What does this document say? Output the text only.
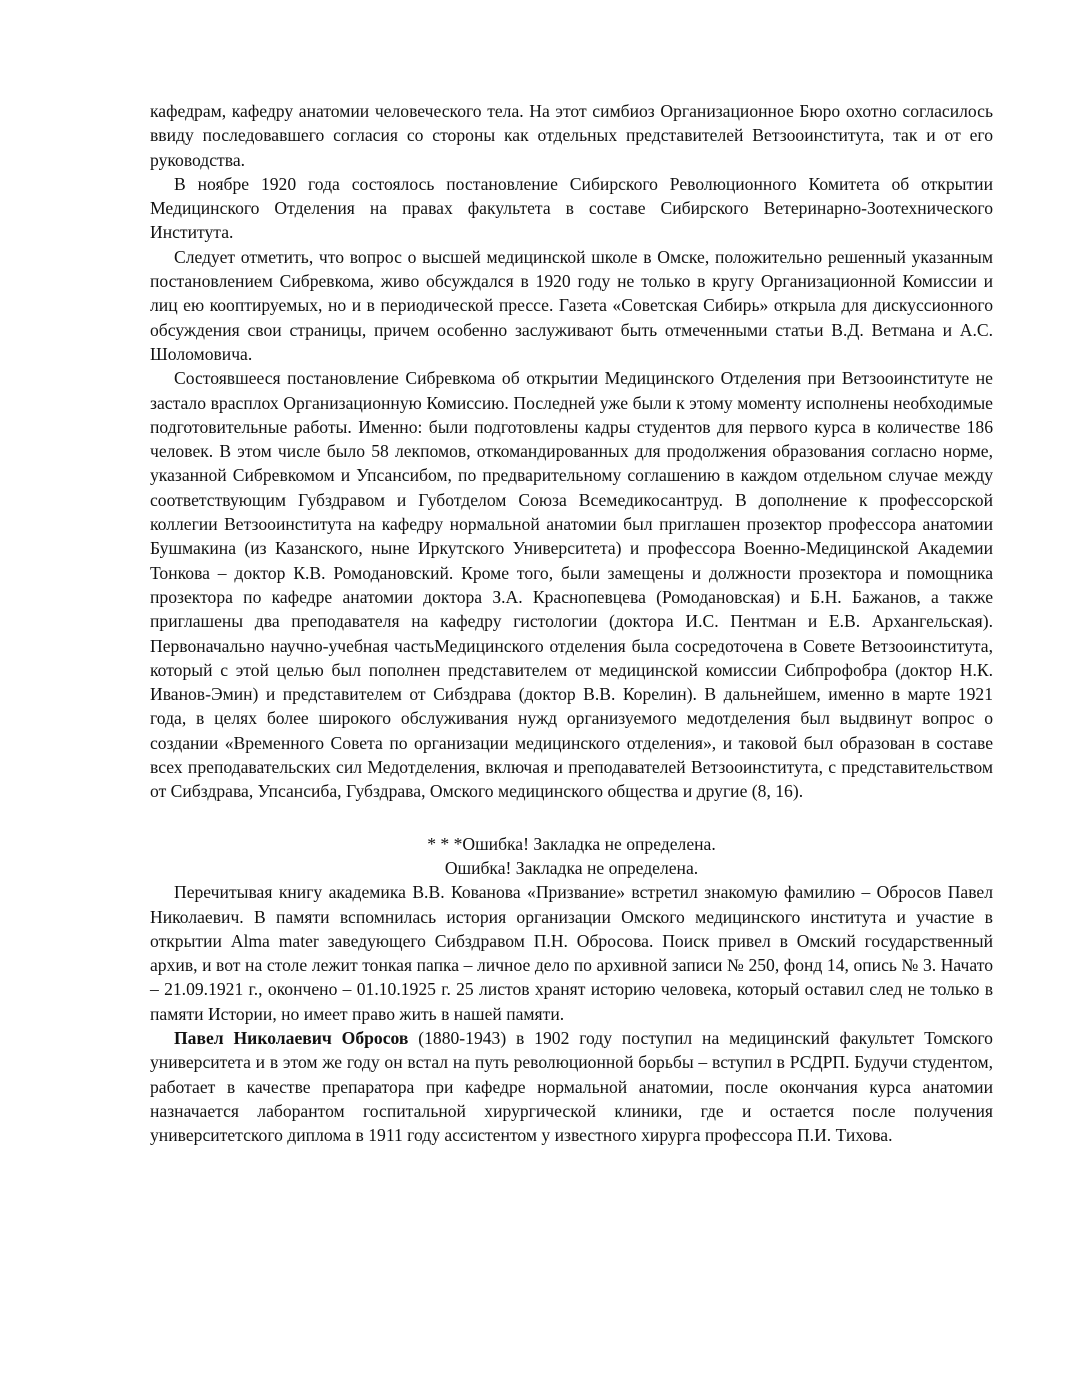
кафедрам, кафедру анатомии человеческого тела. На этот симбиоз Организационное Бюро охотно согласилось ввиду последовавшего согласия со стороны как отдельных представителей Ветзооинститута, так и от его руководства.

В ноябре 1920 года состоялось постановление Сибирского Революционного Комитета об открытии Медицинского Отделения на правах факультета в составе Сибирского Ветеринарно-Зоотехнического Института.

Следует отметить, что вопрос о высшей медицинской школе в Омске, положительно решенный указанным постановлением Сибревкома, живо обсуждался в 1920 году не только в кругу Организационной Комиссии и лиц ею кооптируемых, но и в периодической прессе. Газета «Советская Сибирь» открыла для дискуссионного обсуждения свои страницы, причем особенно заслуживают быть отмеченными статьи В.Д. Ветмана и А.С. Шоломовича.

Состоявшееся постановление Сибревкома об открытии Медицинского Отделения при Ветзооинституте не застало врасплох Организационную Комиссию. Последней уже были к этому моменту исполнены необходимые подготовительные работы. Именно: были подготовлены кадры студентов для первого курса в количестве 186 человек. В этом числе было 58 лекпомов, откомандированных для продолжения образования согласно норме, указанной Сибревкомом и Упсансибом, по предварительному соглашению в каждом отдельном случае между соответствующим Губздравом и Губотделом Союза Всемедикосантруд. В дополнение к профессорской коллегии Ветзооинститута на кафедру нормальной анатомии был приглашен прозектор профессора анатомии Бушмакина (из Казанского, ныне Иркутского Университета) и профессора Военно-Медицинской Академии Тонкова – доктор К.В. Ромодановский. Кроме того, были замещены и должности прозектора и помощника прозектора по кафедре анатомии доктора З.А. Краснопевцева (Ромодановская) и Б.Н. Бажанов, а также приглашены два преподавателя на кафедру гистологии (доктора И.С. Пентман и Е.В. Архангельская). Первоначально научно-учебная частьМедицинского отделения была сосредоточена в Совете Ветзооинститута, который с этой целью был пополнен представителем от медицинской комиссии Сибпрофобра (доктор Н.К. Иванов-Эмин) и представителем от Сибздрава (доктор В.В. Корелин). В дальнейшем, именно в марте 1921 года, в целях более широкого обслуживания нужд организуемого медотделения был выдвинут вопрос о создании «Временного Совета по организации медицинского отделения», и таковой был образован в составе всех преподавательских сил Медотделения, включая и преподавателей Ветзооинститута, с представительством от Сибздрава, Упсансиба, Губздрава, Омского медицинского общества и другие (8, 16).

* * *Ошибка! Закладка не определена.

Ошибка! Закладка не определена.

Перечитывая книгу академика В.В. Кованова «Призвание» встретил знакомую фамилию – Обросов Павел Николаевич. В памяти вспомнилась история организации Омского медицинского института и участие в открытии Alma mater заведующего Сибздравом П.Н. Обросова. Поиск привел в Омский государственный архив, и вот на столе лежит тонкая папка – личное дело по архивной записи № 250, фонд 14, опись № 3. Начато – 21.09.1921 г., окончено – 01.10.1925 г. 25 листов хранят историю человека, который оставил след не только в памяти Истории, но имеет право жить в нашей памяти.

Павел Николаевич Обросов (1880-1943) в 1902 году поступил на медицинский факультет Томского университета и в этом же году он встал на путь революционной борьбы – вступил в РСДРП. Будучи студентом, работает в качестве препаратора при кафедре нормальной анатомии, после окончания курса анатомии назначается лаборантом госпитальной хирургической клиники, где и остается после получения университетского диплома в 1911 году ассистентом у известного хирурга профессора П.И. Тихова.
